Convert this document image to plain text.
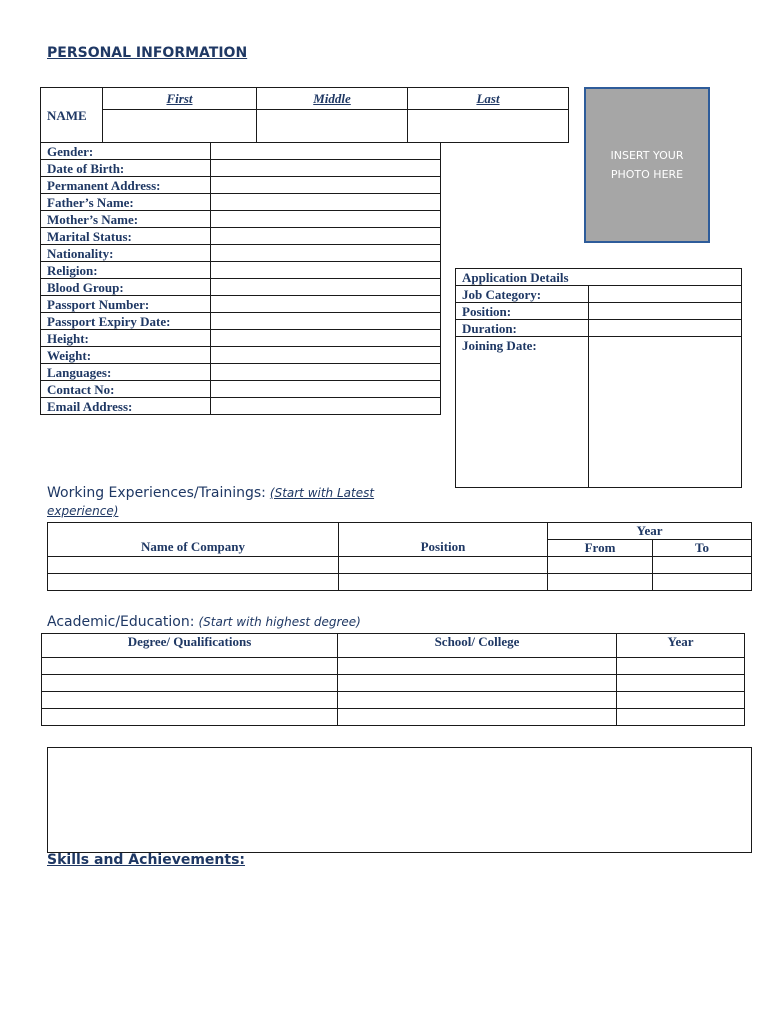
PERSONAL INFORMATION
NAME	First	Middle	Last

INSERT YOUR PHOTO HERE
Gender:	
Date of Birth:	
Permanent Address:	
Father’s Name:	
Mother’s Name:	
Marital Status:	
Nationality:	
Religion:	
Blood Group:	
Passport Number:	
Passport Expiry Date:	
Height:	
Weight:	
Languages:	
Contact No:	
Email Address:	
Application Details	
Job Category:	
Position:	
Duration:	
Joining Date:	
Working Experiences/Trainings: (Start with Latest experience)
Name of Company	Position	Year	
		From	To

Academic/Education: (Start with highest degree)
Degree/ Qualifications	School/ College	Year

Skills and Achievements:
